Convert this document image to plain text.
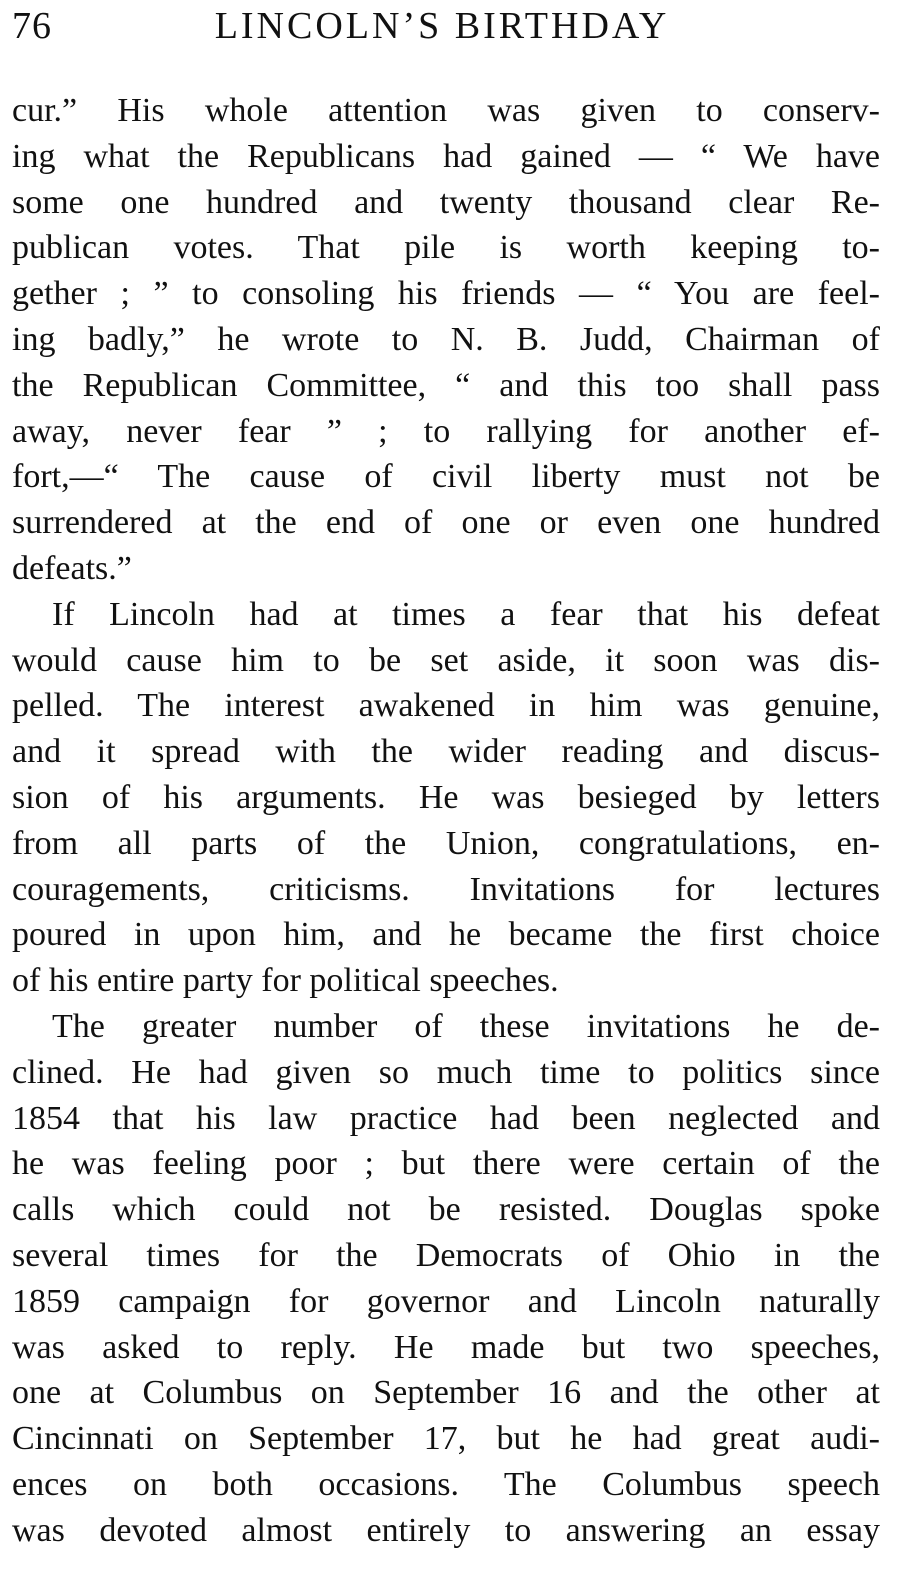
76	LINCOLN’S BIRTHDAY
cur.” His whole attention was given to conserv-
ing what the Republicans had gained — “ We have
some one hundred and twenty thousand clear Re-
publican votes. That pile is worth keeping to-
gether ; ” to consoling his friends — “ You are feel-
ing badly,” he wrote to N. B. Judd, Chairman of
the Republican Committee, “ and this too shall pass
away, never fear ” ; to rallying for another ef-
fort,—“ The cause of civil liberty must not be
surrendered at the end of one or even one hundred
defeats.”
If Lincoln had at times a fear that his defeat
would cause him to be set aside, it soon was dis-
pelled. The interest awakened in him was genuine,
and it spread with the wider reading and discus-
sion of his arguments. He was besieged by letters
from all parts of the Union, congratulations, en-
couragements, criticisms. Invitations for lectures
poured in upon him, and he became the first choice
of his entire party for political speeches.
The greater number of these invitations he de-
clined. He had given so much time to politics since
1854 that his law practice had been neglected and
he was feeling poor ; but there were certain of the
calls which could not be resisted. Douglas spoke
several times for the Democrats of Ohio in the
1859 campaign for governor and Lincoln naturally
was asked to reply. He made but two speeches,
one at Columbus on September 16 and the other at
Cincinnati on September 17, but he had great audi-
ences on both occasions. The Columbus speech
was devoted almost entirely to answering an essay
